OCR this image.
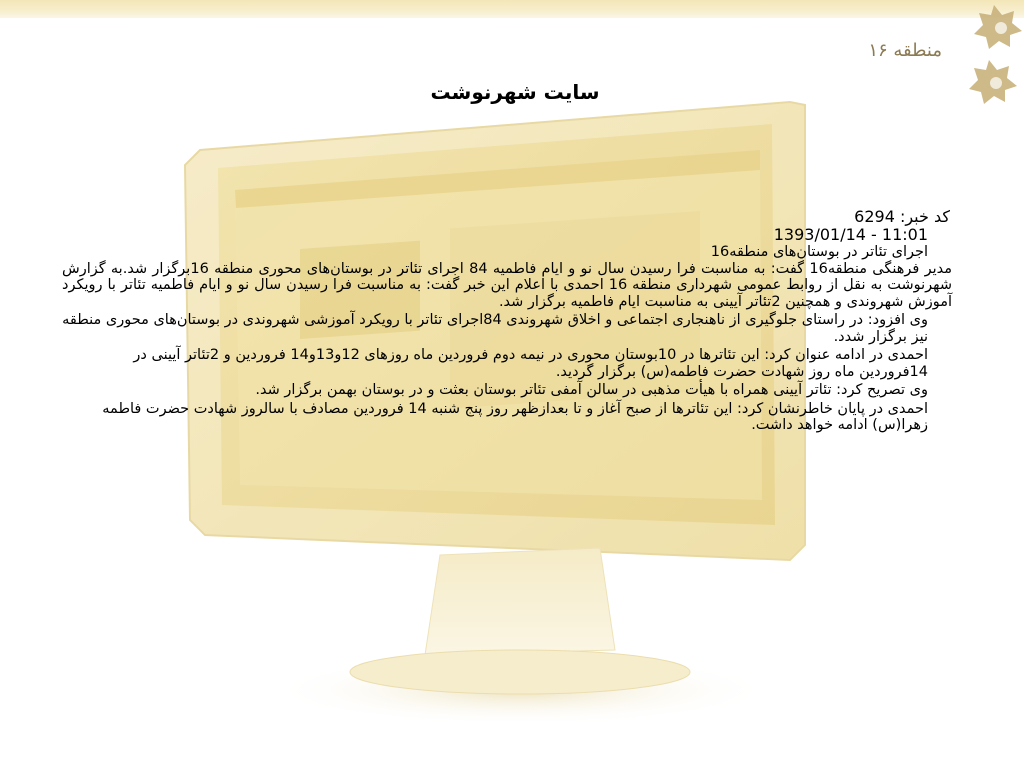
منطقه ۱۶
سایت شهرنوشت
کد خبر: 6294
1393/01/14 - 11:01
اجرای تئاتر در بوستان‌های منطقه16
مدیر فرهنگی منطقه16 گفت: به مناسبت فرا رسیدن سال نو و ایام فاطمیه 84 اجرای تئاتر در بوستان‌های محوری منطقه 16برگزار شد.به گزارش شهرنوشت به نقل از روابط عمومی شهرداری منطقه 16 احمدی با اعلام این خبر گفت: به مناسبت فرا رسیدن سال نو و ایام فاطمیه تئاتر با رویکرد آموزش شهروندی و همچنین 2تئاتر آیینی به مناسبت ایام فاطمیه برگزار شد.
وی افزود: در راستای جلوگیری از ناهنجاری اجتماعی و اخلاق شهروندی 84اجرای تئاتر با رویکرد آموزشی شهروندی در بوستان‌های محوری منطقه نیز برگزار شدد.
احمدی در ادامه عنوان کرد: این تئاترها در 10بوستان محوری در نیمه دوم فروردین ماه روزهای 12و13و14 فروردین و 2تئاتر آیینی در 14فروردین ماه روز شهادت حضرت فاطمه(س) برگزار گردید.
وی تصریح کرد: تئاتر آیینی همراه با هیأت مذهبی در سالن آمفی تئاتر بوستان بعثت و در بوستان بهمن برگزار شد.
احمدی در پایان خاطرنشان کرد: این تئاترها از صبح آغاز و تا بعدازظهر روز پنج شنبه 14 فروردین مصادف با سالروز شهادت حضرت فاطمه زهرا(س) ادامه خواهد داشت.
